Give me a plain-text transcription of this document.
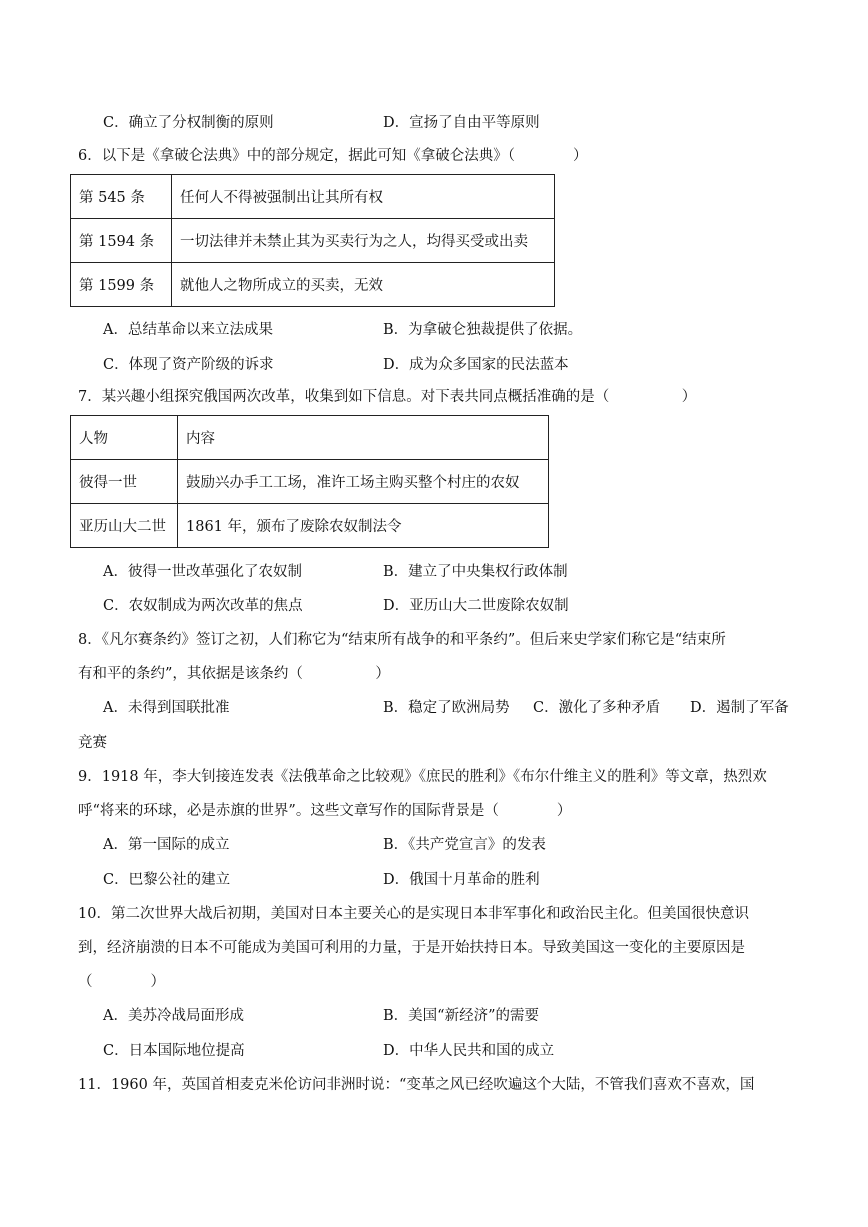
C．确立了分权制衡的原则	D．宣扬了自由平等原则
6．以下是《拿破仑法典》中的部分规定，据此可知《拿破仑法典》（　　　　）
第 545 条	任何人不得被强制出让其所有权
第 1594 条	一切法律并未禁止其为买卖行为之人，均得买受或出卖
第 1599 条	就他人之物所成立的买卖，无效
A．总结革命以来立法成果	B．为拿破仑独裁提供了依据。
C．体现了资产阶级的诉求	D．成为众多国家的民法蓝本
7．某兴趣小组探究俄国两次改革，收集到如下信息。对下表共同点概括准确的是（　　　　　）
人物	内容
彼得一世	鼓励兴办手工工场，准许工场主购买整个村庄的农奴
亚历山大二世	1861 年，颁布了废除农奴制法令
A．彼得一世改革强化了农奴制	B．建立了中央集权行政体制
C．农奴制成为两次改革的焦点	D．亚历山大二世废除农奴制
8．《凡尔赛条约》签订之初，人们称它为“结束所有战争的和平条约”。但后来史学家们称它是“结束所
有和平的条约”，其依据是该条约（　　　　　）
A．未得到国联批准	B．稳定了欧洲局势 C．激化了多种矛盾 D．遏制了军备
竞赛
9．1918 年，李大钊接连发表《法俄革命之比较观》《庶民的胜利》《布尔什维主义的胜利》等文章，热烈欢
呼“将来的环球，必是赤旗的世界”。这些文章写作的国际背景是（　　　　）
A．第一国际的成立	B．《共产党宣言》的发表
C．巴黎公社的建立	D．俄国十月革命的胜利
10．第二次世界大战后初期，美国对日本主要关心的是实现日本非军事化和政治民主化。但美国很快意识
到，经济崩溃的日本不可能成为美国可利用的力量，于是开始扶持日本。导致美国这一变化的主要原因是
（　　　　）
A．美苏冷战局面形成	B．美国“新经济”的需要
C．日本国际地位提高	D．中华人民共和国的成立
11．1960 年，英国首相麦克米伦访问非洲时说：“变革之风已经吹遍这个大陆，不管我们喜欢不喜欢，国
